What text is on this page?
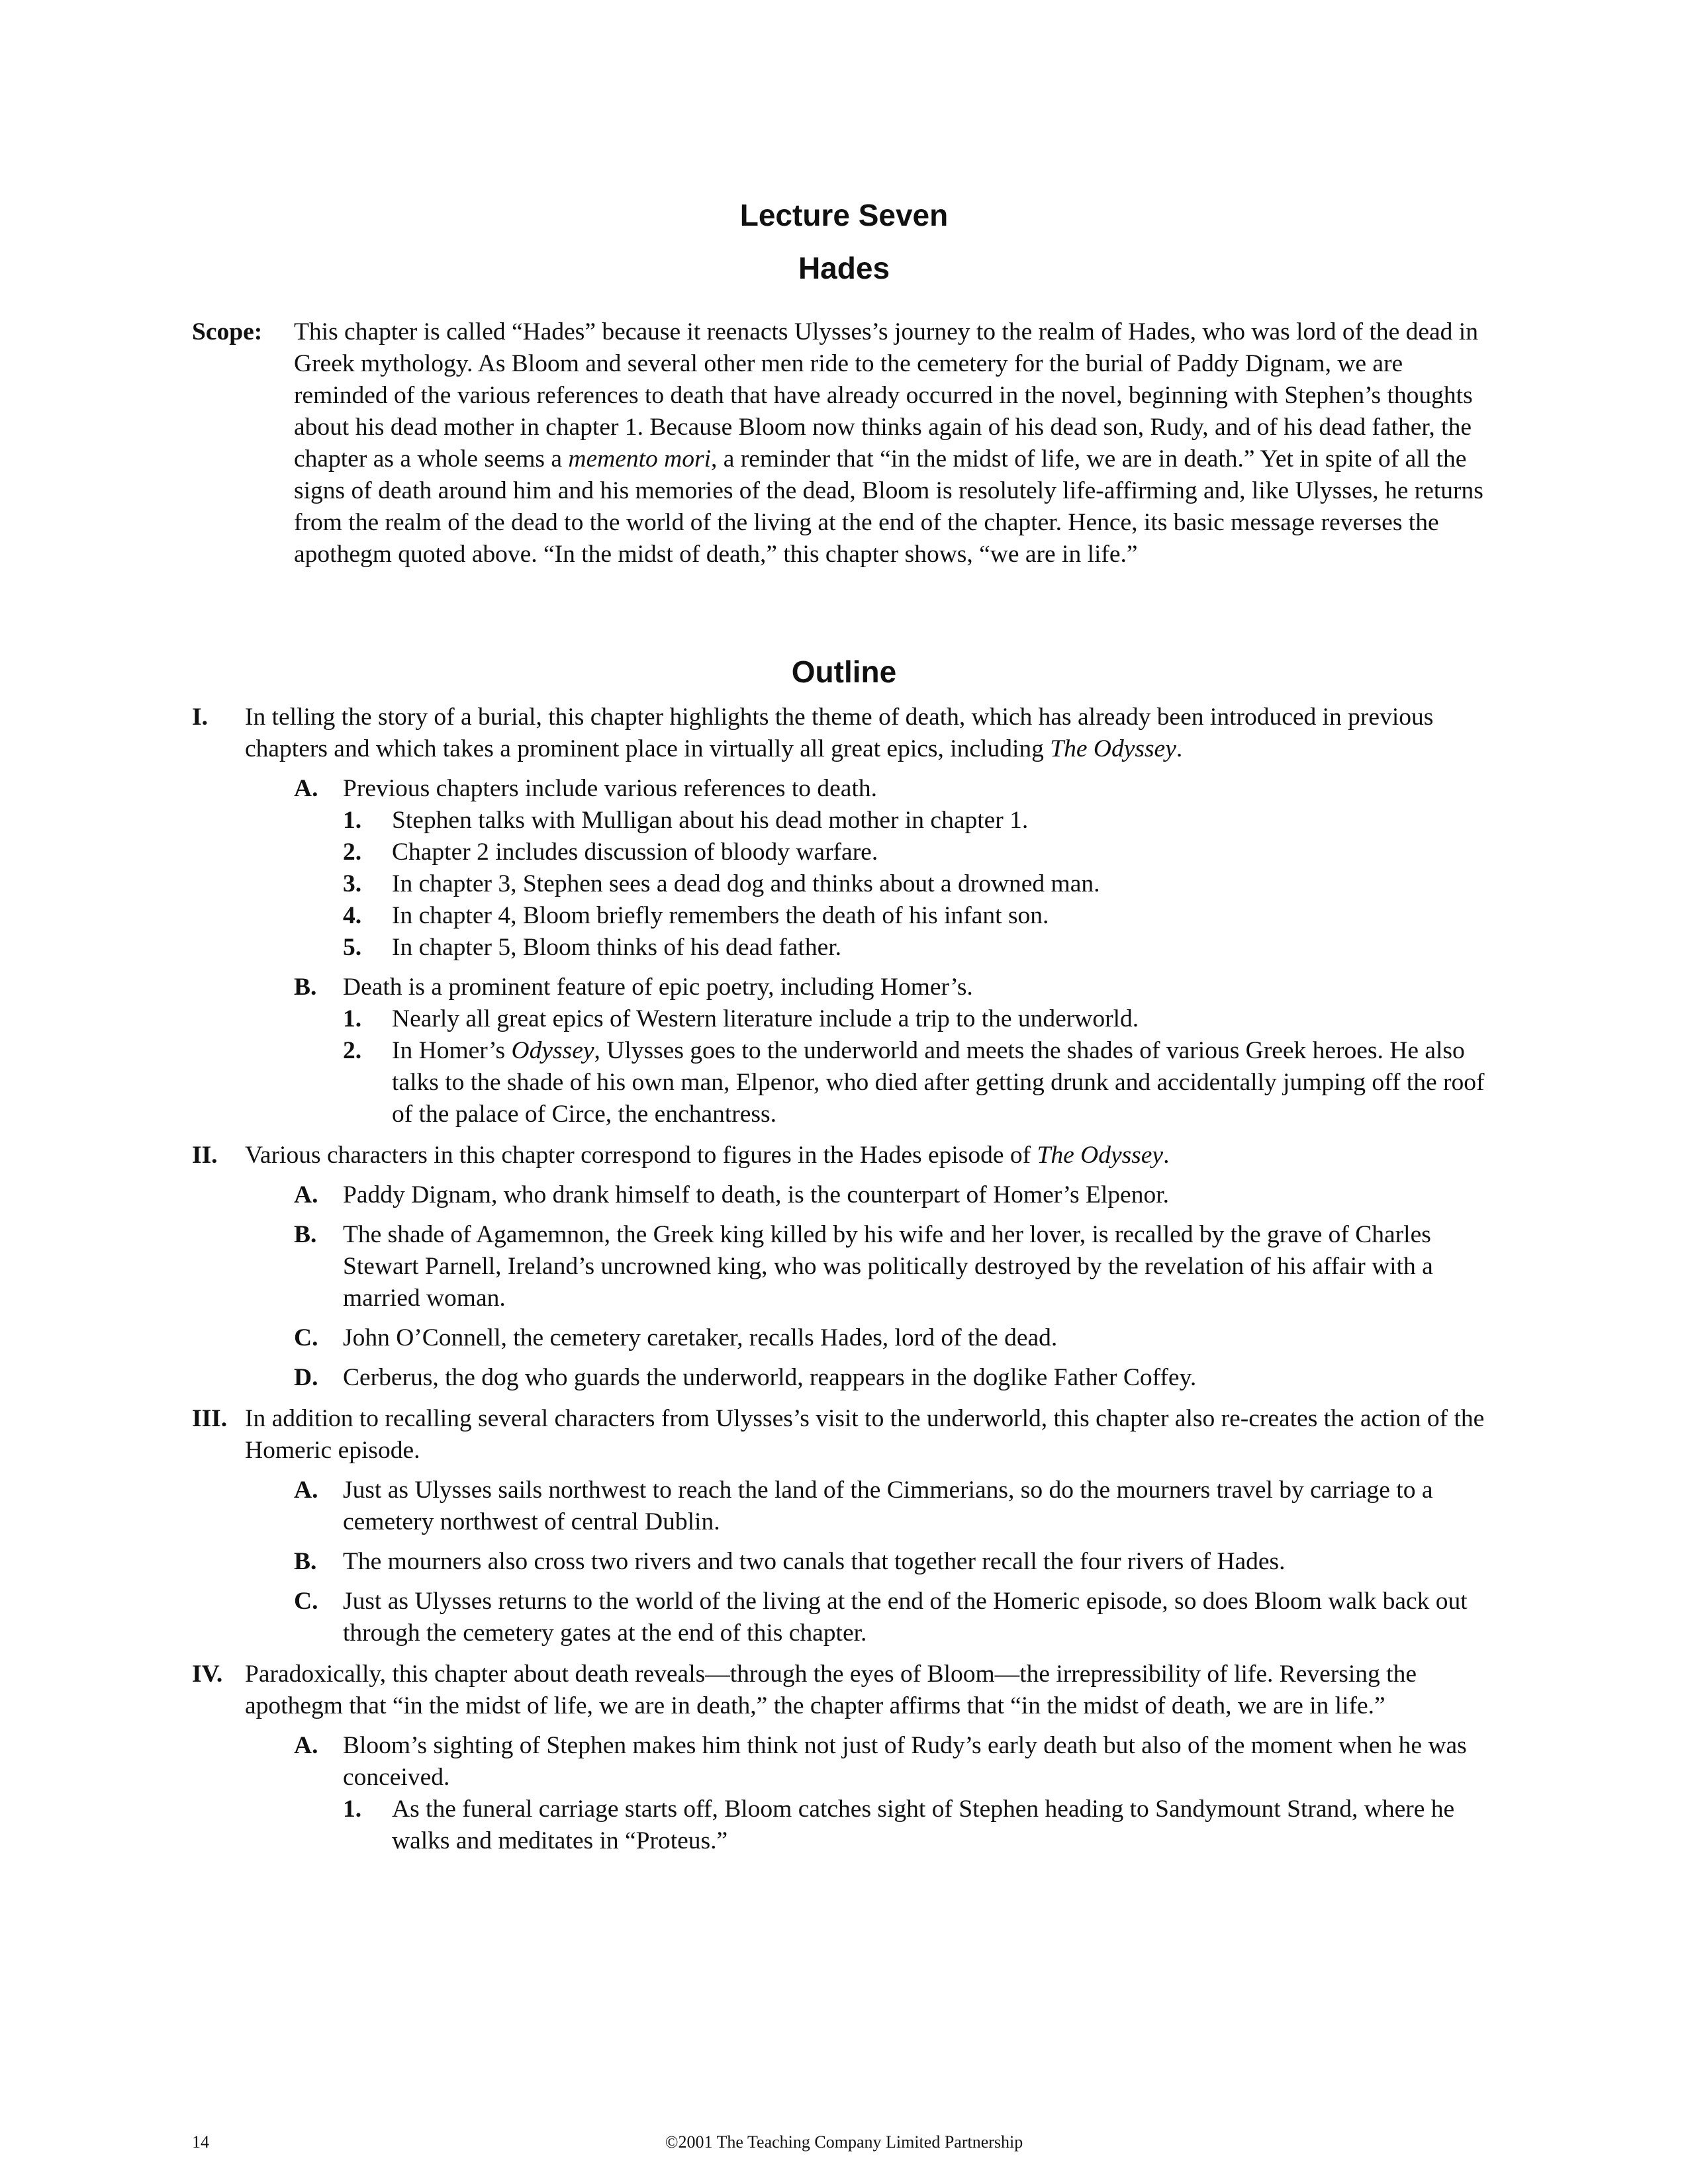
Lecture Seven
Hades
Scope: This chapter is called “Hades” because it reenacts Ulysses’s journey to the realm of Hades, who was lord of the dead in Greek mythology. As Bloom and several other men ride to the cemetery for the burial of Paddy Dignam, we are reminded of the various references to death that have already occurred in the novel, beginning with Stephen’s thoughts about his dead mother in chapter 1. Because Bloom now thinks again of his dead son, Rudy, and of his dead father, the chapter as a whole seems a memento mori, a reminder that “in the midst of life, we are in death.” Yet in spite of all the signs of death around him and his memories of the dead, Bloom is resolutely life-affirming and, like Ulysses, he returns from the realm of the dead to the world of the living at the end of the chapter. Hence, its basic message reverses the apothegm quoted above. “In the midst of death,” this chapter shows, “we are in life.”
Outline
I. In telling the story of a burial, this chapter highlights the theme of death, which has already been introduced in previous chapters and which takes a prominent place in virtually all great epics, including The Odyssey.
A. Previous chapters include various references to death.
1. Stephen talks with Mulligan about his dead mother in chapter 1.
2. Chapter 2 includes discussion of bloody warfare.
3. In chapter 3, Stephen sees a dead dog and thinks about a drowned man.
4. In chapter 4, Bloom briefly remembers the death of his infant son.
5. In chapter 5, Bloom thinks of his dead father.
B. Death is a prominent feature of epic poetry, including Homer’s.
1. Nearly all great epics of Western literature include a trip to the underworld.
2. In Homer’s Odyssey, Ulysses goes to the underworld and meets the shades of various Greek heroes. He also talks to the shade of his own man, Elpenor, who died after getting drunk and accidentally jumping off the roof of the palace of Circe, the enchantress.
II. Various characters in this chapter correspond to figures in the Hades episode of The Odyssey.
A. Paddy Dignam, who drank himself to death, is the counterpart of Homer’s Elpenor.
B. The shade of Agamemnon, the Greek king killed by his wife and her lover, is recalled by the grave of Charles Stewart Parnell, Ireland’s uncrowned king, who was politically destroyed by the revelation of his affair with a married woman.
C. John O’Connell, the cemetery caretaker, recalls Hades, lord of the dead.
D. Cerberus, the dog who guards the underworld, reappears in the doglike Father Coffey.
III. In addition to recalling several characters from Ulysses’s visit to the underworld, this chapter also re-creates the action of the Homeric episode.
A. Just as Ulysses sails northwest to reach the land of the Cimmerians, so do the mourners travel by carriage to a cemetery northwest of central Dublin.
B. The mourners also cross two rivers and two canals that together recall the four rivers of Hades.
C. Just as Ulysses returns to the world of the living at the end of the Homeric episode, so does Bloom walk back out through the cemetery gates at the end of this chapter.
IV. Paradoxically, this chapter about death reveals—through the eyes of Bloom—the irrepressibility of life. Reversing the apothegm that “in the midst of life, we are in death,” the chapter affirms that “in the midst of death, we are in life.”
A. Bloom’s sighting of Stephen makes him think not just of Rudy’s early death but also of the moment when he was conceived.
1. As the funeral carriage starts off, Bloom catches sight of Stephen heading to Sandymount Strand, where he walks and meditates in “Proteus.”
14	©2001 The Teaching Company Limited Partnership
